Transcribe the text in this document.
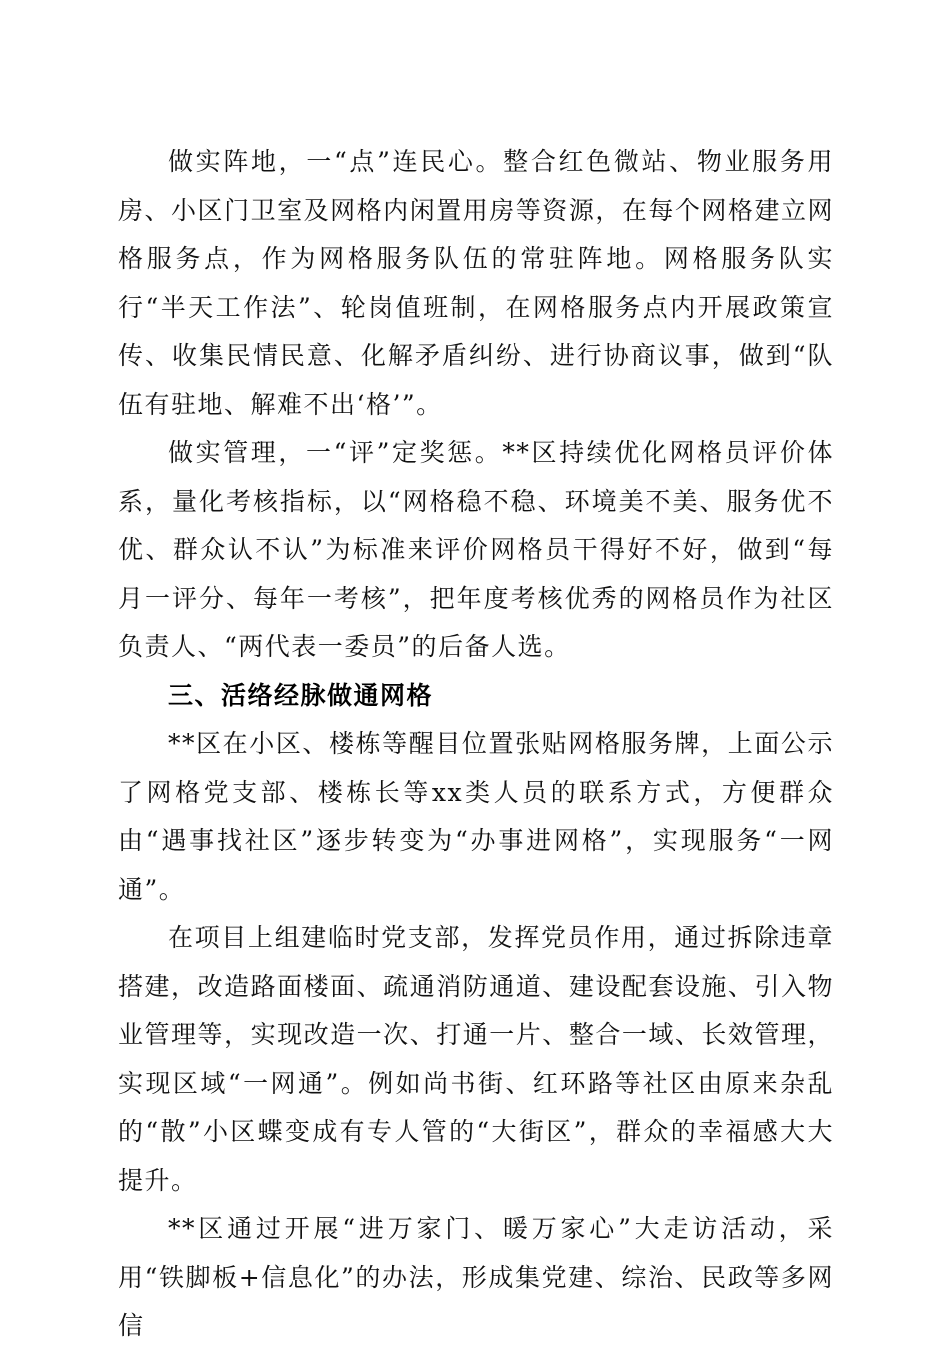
做实阵地，一“点”连民心。整合红色微站、物业服务用房、小区门卫室及网格内闲置用房等资源，在每个网格建立网格服务点，作为网格服务队伍的常驻阵地。网格服务队实行“半天工作法”、轮岗值班制，在网格服务点内开展政策宣传、收集民情民意、化解矛盾纠纷、进行协商议事，做到“队伍有驻地、解难不出‘格’”。

做实管理，一“评”定奖惩。**区持续优化网格员评价体系，量化考核指标，以“网格稳不稳、环境美不美、服务优不优、群众认不认”为标准来评价网格员干得好不好，做到“每月一评分、每年一考核”，把年度考核优秀的网格员作为社区负责人、“两代表一委员”的后备人选。

三、活络经脉做通网格

**区在小区、楼栋等醒目位置张贴网格服务牌，上面公示了网格党支部、楼栋长等xx类人员的联系方式，方便群众由“遇事找社区”逐步转变为“办事进网格”，实现服务“一网通”。

在项目上组建临时党支部，发挥党员作用，通过拆除违章搭建，改造路面楼面、疏通消防通道、建设配套设施、引入物业管理等，实现改造一次、打通一片、整合一域、长效管理，实现区域“一网通”。例如尚书街、红环路等社区由原来杂乱的“散”小区蝶变成有专人管的“大街区”，群众的幸福感大大提升。

**区通过开展“进万家门、暖万家心”大走访活动，采用“铁脚板+信息化”的办法，形成集党建、综治、民政等多网信
